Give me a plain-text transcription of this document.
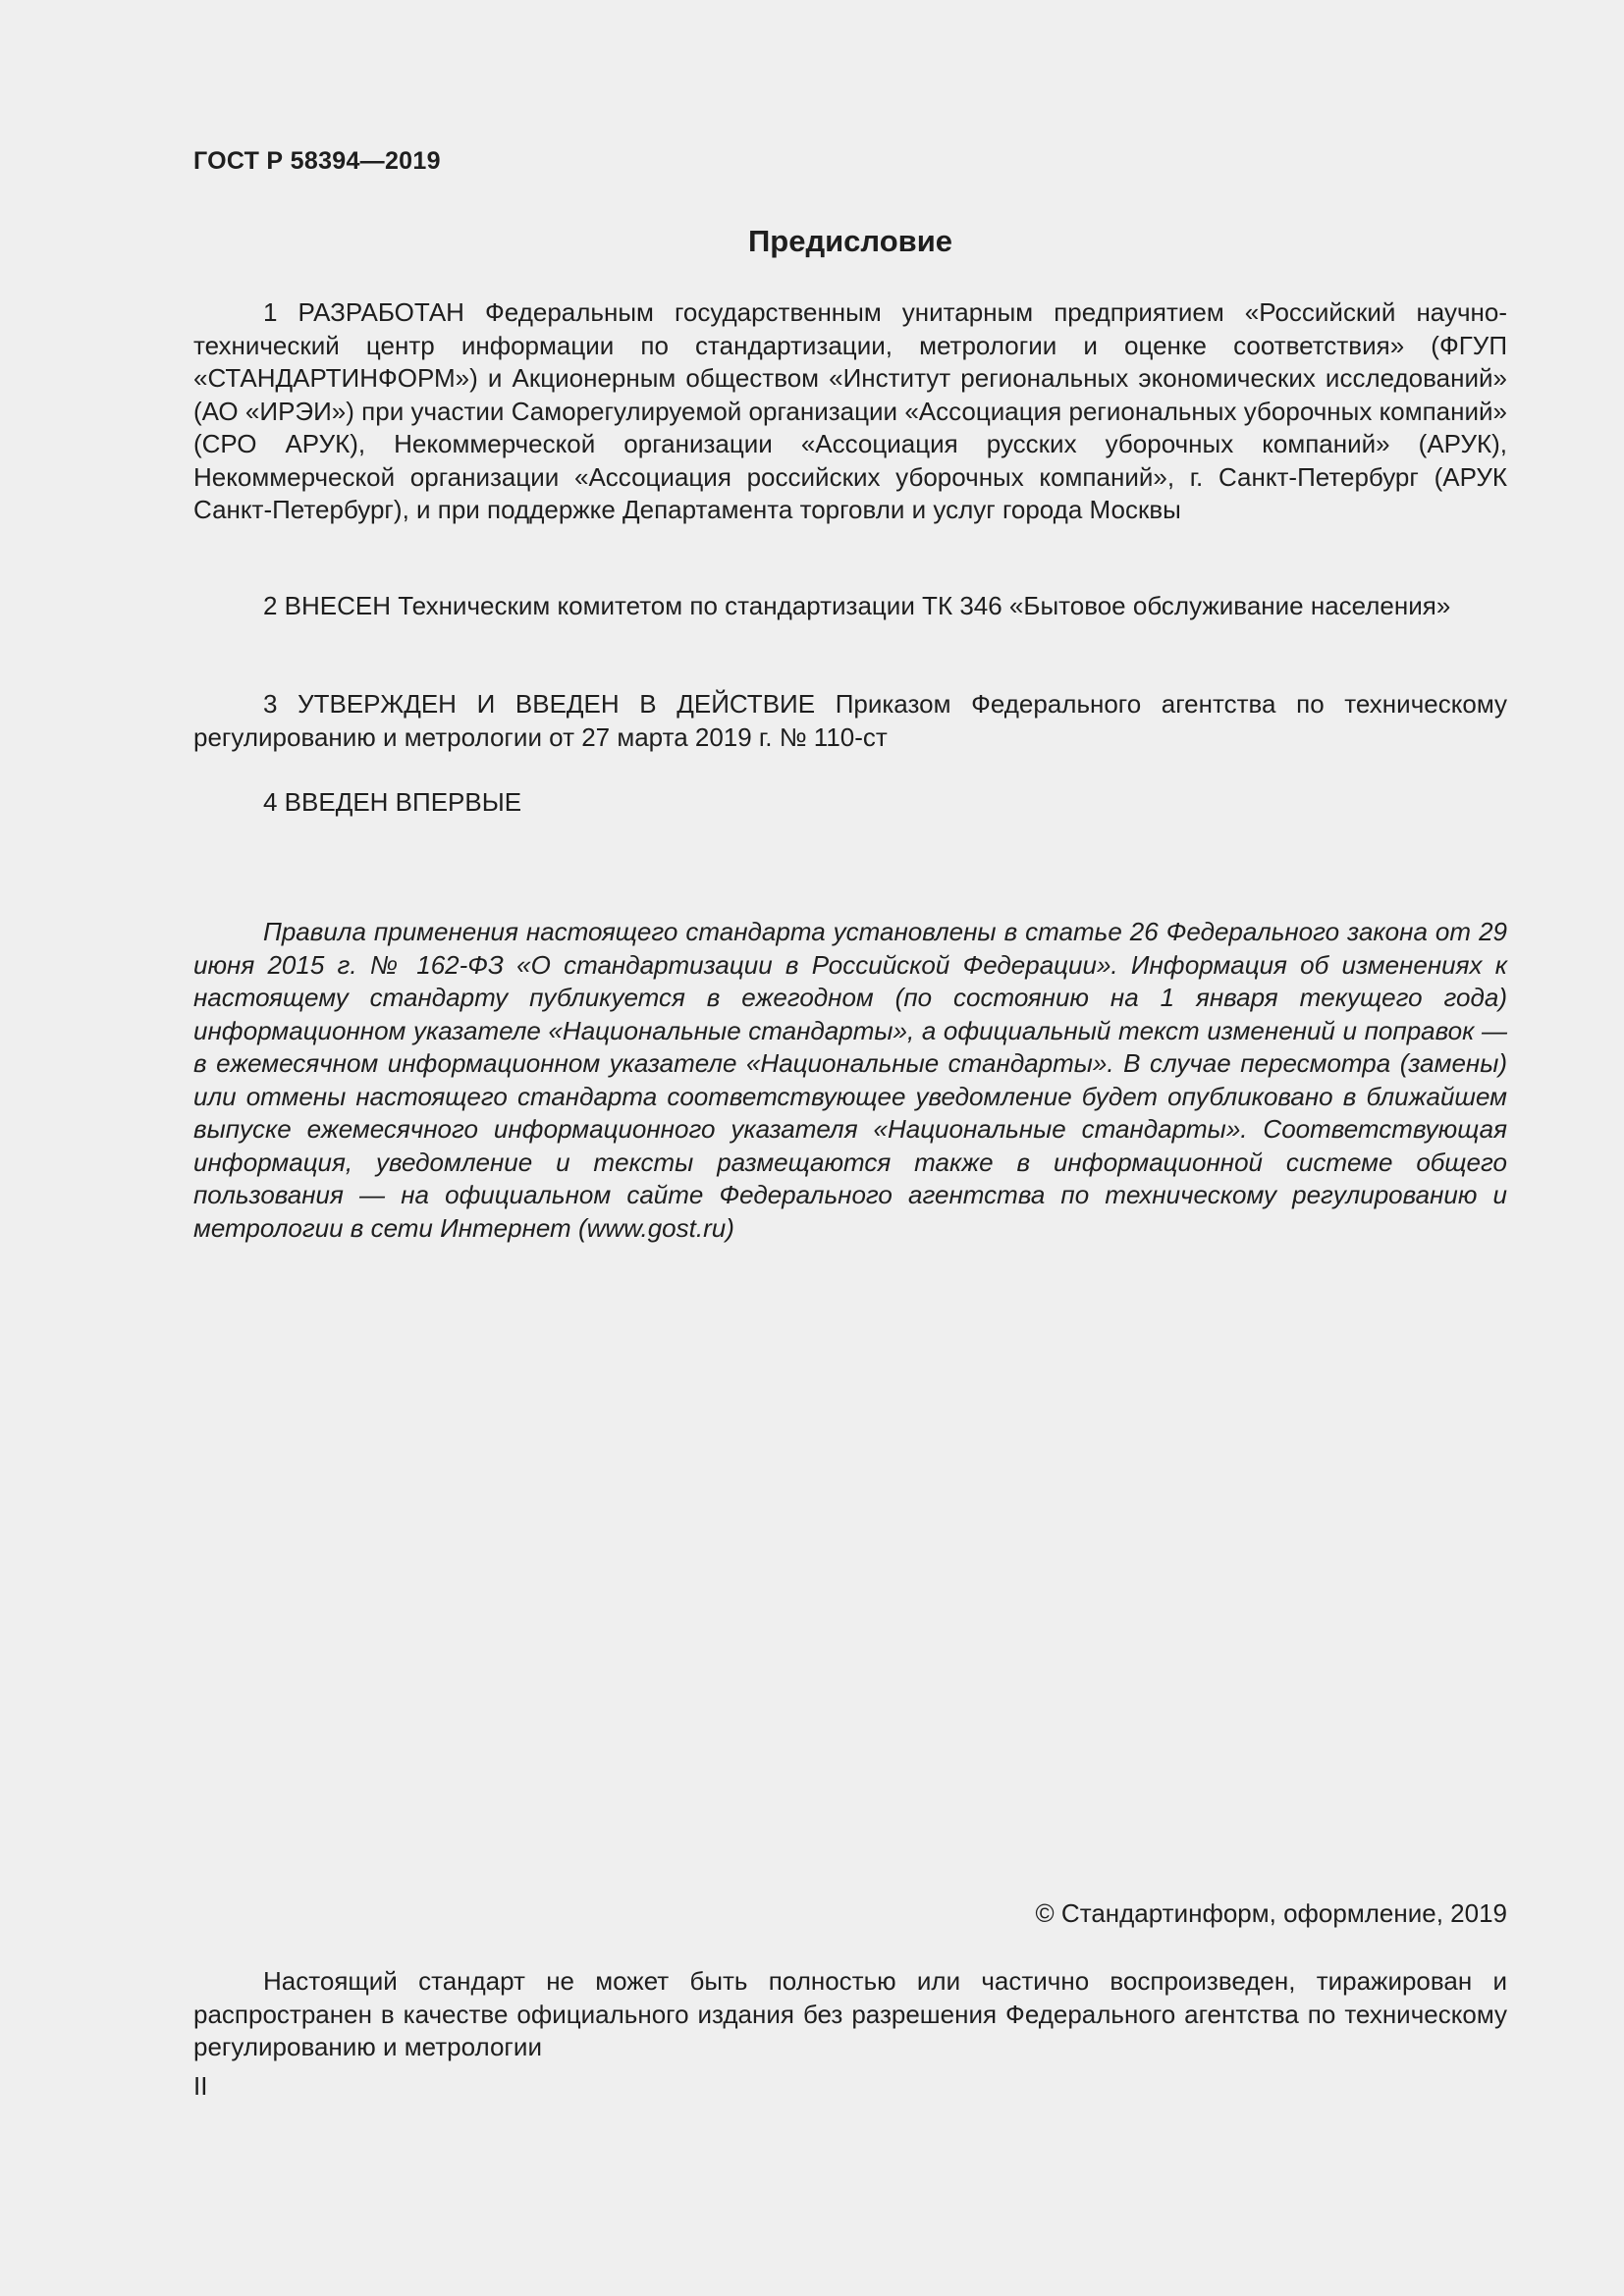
ГОСТ Р 58394—2019
Предисловие

1 РАЗРАБОТАН Федеральным государственным унитарным предприятием «Российский научно-технический центр информации по стандартизации, метрологии и оценке соответствия» (ФГУП «СТАНДАРТИНФОРМ») и Акционерным обществом «Институт региональных экономических исследований» (АО «ИРЭИ») при участии Саморегулируемой организации «Ассоциация региональных уборочных компаний» (СРО АРУК), Некоммерческой организации «Ассоциация русских уборочных компаний» (АРУК), Некоммерческой организации «Ассоциация российских уборочных компаний», г. Санкт-Петербург (АРУК Санкт-Петербург), и при поддержке Департамента торговли и услуг города Москвы

2 ВНЕСЕН Техническим комитетом по стандартизации ТК 346 «Бытовое обслуживание населения»

3 УТВЕРЖДЕН И ВВЕДЕН В ДЕЙСТВИЕ Приказом Федерального агентства по техническому регулированию и метрологии от 27 марта 2019 г. № 110-ст

4 ВВЕДЕН ВПЕРВЫЕ

Правила применения настоящего стандарта установлены в статье 26 Федерального закона от 29 июня 2015 г. № 162-ФЗ «О стандартизации в Российской Федерации». Информация об изменениях к настоящему стандарту публикуется в ежегодном (по состоянию на 1 января текущего года) информационном указателе «Национальные стандарты», а официальный текст изменений и поправок — в ежемесячном информационном указателе «Национальные стандарты». В случае пересмотра (замены) или отмены настоящего стандарта соответствующее уведомление будет опубликовано в ближайшем выпуске ежемесячного информационного указателя «Национальные стандарты». Соответствующая информация, уведомление и тексты размещаются также в информационной системе общего пользования — на официальном сайте Федерального агентства по техническому регулированию и метрологии в сети Интернет (www.gost.ru)

© Стандартинформ, оформление, 2019

Настоящий стандарт не может быть полностью или частично воспроизведен, тиражирован и распространен в качестве официального издания без разрешения Федерального агентства по техническому регулированию и метрологии

II
